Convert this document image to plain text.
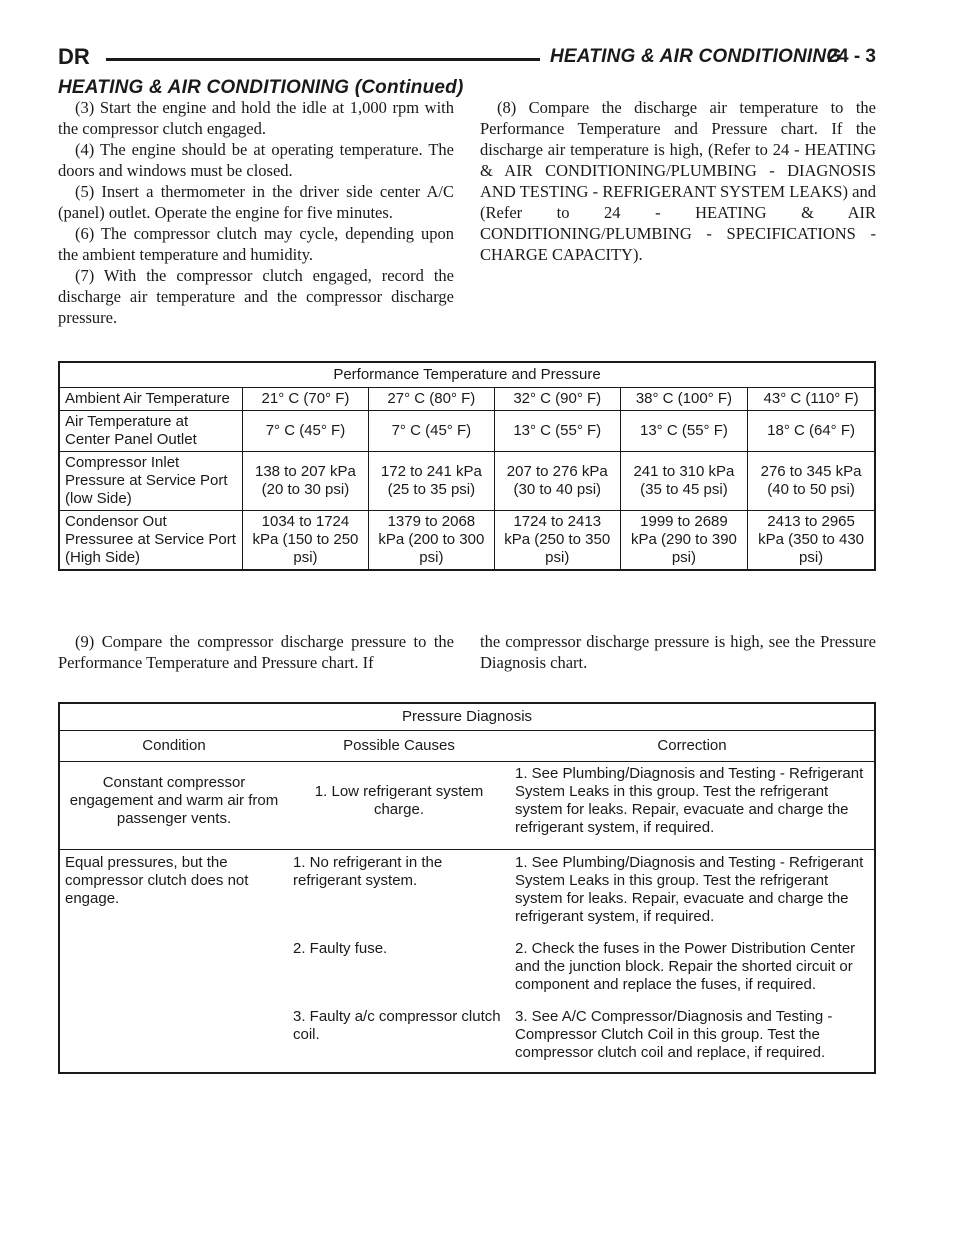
DR	HEATING & AIR CONDITIONING
24 - 3
HEATING & AIR CONDITIONING (Continued)

(3) Start the engine and hold the idle at 1,000 rpm with the compressor clutch engaged.

(4) The engine should be at operating temperature. The doors and windows must be closed.

(5) Insert a thermometer in the driver side center A/C (panel) outlet. Operate the engine for five minutes.

(6) The compressor clutch may cycle, depending upon the ambient temperature and humidity.

(7) With the compressor clutch engaged, record the discharge air temperature and the compressor discharge pressure.

(8) Compare the discharge air temperature to the Performance Temperature and Pressure chart. If the discharge air temperature is high, (Refer to 24 - HEATING & AIR CONDITIONING/PLUMBING - DIAGNOSIS AND TESTING - REFRIGERANT SYSTEM LEAKS) and (Refer to 24 - HEATING & AIR CONDITIONING/PLUMBING - SPECIFICATIONS - CHARGE CAPACITY).

Performance Temperature and Pressure					
Ambient Air Temperature	21° C (70° F)	27° C (80° F)	32° C (90° F)	38° C (100° F)	43° C (110° F)
Air Temperature at Center Panel Outlet	7° C (45° F)	7° C (45° F)	13° C (55° F)	13° C (55° F)	18° C (64° F)
Compressor Inlet Pressure at Service Port (low Side)	138 to 207 kPa (20 to 30 psi)	172 to 241 kPa (25 to 35 psi)	207 to 276 kPa (30 to 40 psi)	241 to 310 kPa (35 to 45 psi)	276 to 345 kPa (40 to 50 psi)
Condensor Out Pressuree at Service Port (High Side)	1034 to 1724 kPa (150 to 250 psi)	1379 to 2068 kPa (200 to 300 psi)	1724 to 2413 kPa (250 to 350 psi)	1999 to 2689 kPa (290 to 390 psi)	2413 to 2965 kPa (350 to 430 psi)

(9) Compare the compressor discharge pressure to the Performance Temperature and Pressure chart. If

the compressor discharge pressure is high, see the Pressure Diagnosis chart.

Pressure Diagnosis		
Condition	Possible Causes	Correction
Constant compressor engagement and warm air from passenger vents.	1. Low refrigerant system charge.	1. See Plumbing/Diagnosis and Testing - Refrigerant System Leaks in this group. Test the refrigerant system for leaks. Repair, evacuate and charge the refrigerant system, if required.
Equal pressures, but the compressor clutch does not engage.	1. No refrigerant in the refrigerant system.	1. See Plumbing/Diagnosis and Testing - Refrigerant System Leaks in this group. Test the refrigerant system for leaks. Repair, evacuate and charge the refrigerant system, if required.
	2. Faulty fuse.	2. Check the fuses in the Power Distribution Center and the junction block. Repair the shorted circuit or component and replace the fuses, if required.
	3. Faulty a/c compressor clutch coil.	3. See A/C Compressor/Diagnosis and Testing - Compressor Clutch Coil in this group. Test the compressor clutch coil and replace, if required.
